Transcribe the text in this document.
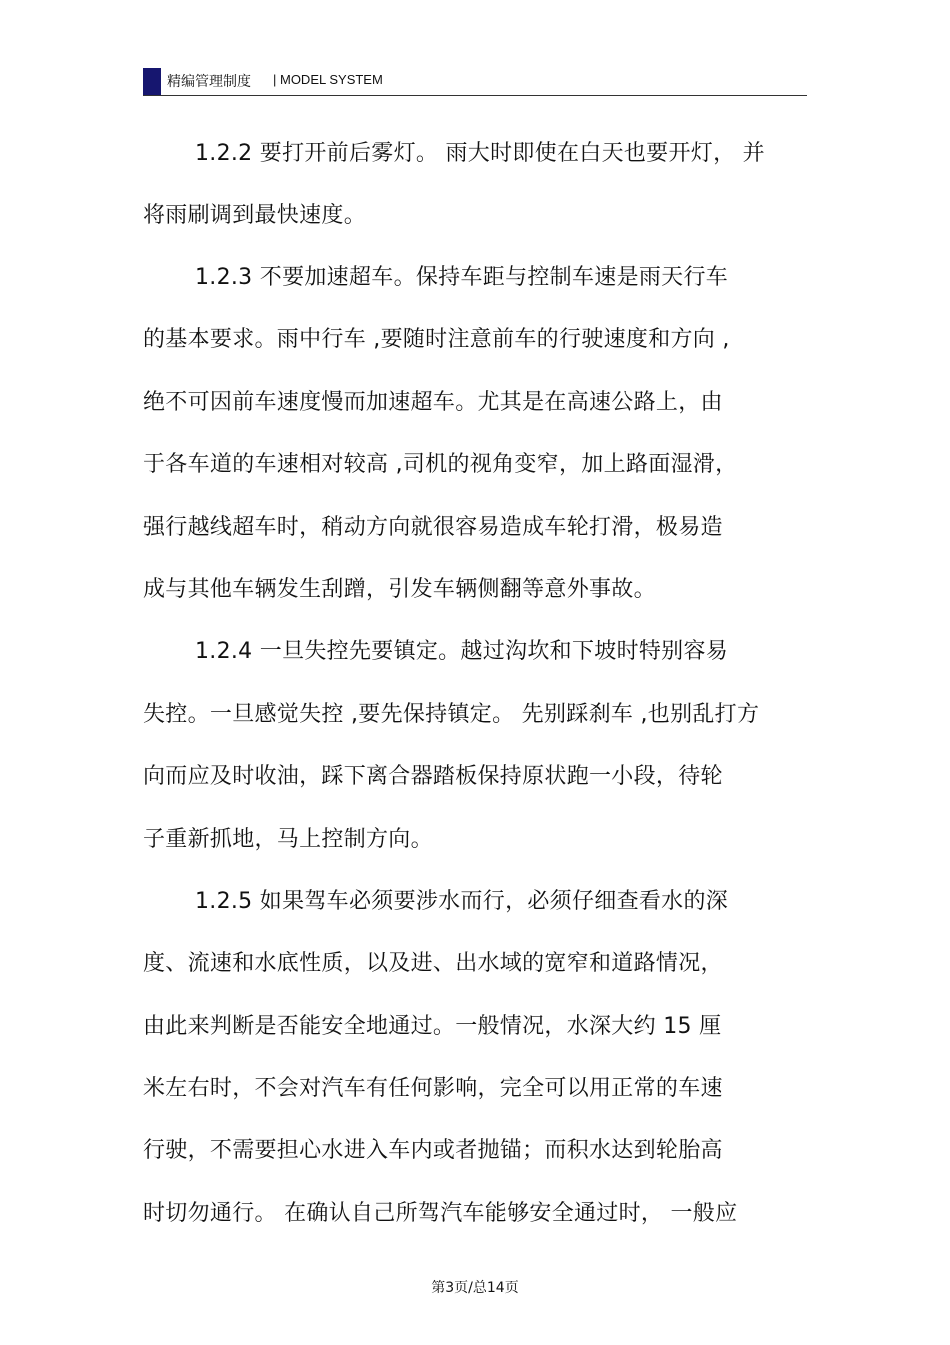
精编管理制度 | MODEL SYSTEM
1.2.2 要打开前后雾灯。 雨大时即使在白天也要开灯， 并
将雨刷调到最快速度。
1.2.3 不要加速超车。保持车距与控制车速是雨天行车
的基本要求。雨中行车 ,要随时注意前车的行驶速度和方向 ,
绝不可因前车速度慢而加速超车。尤其是在高速公路上，由
于各车道的车速相对较高 ,司机的视角变窄，加上路面湿滑，
强行越线超车时，稍动方向就很容易造成车轮打滑，极易造
成与其他车辆发生刮蹭，引发车辆侧翻等意外事故。
1.2.4 一旦失控先要镇定。越过沟坎和下坡时特别容易
失控。一旦感觉失控 ,要先保持镇定。 先别踩刹车 ,也别乱打方
向而应及时收油，踩下离合器踏板保持原状跑一小段，待轮
子重新抓地，马上控制方向。
1.2.5 如果驾车必须要涉水而行，必须仔细查看水的深
度、流速和水底性质，以及进、出水域的宽窄和道路情况，
由此来判断是否能安全地通过。一般情况，水深大约 15 厘
米左右时，不会对汽车有任何影响，完全可以用正常的车速
行驶，不需要担心水进入车内或者抛锚；而积水达到轮胎高
时切勿通行。 在确认自己所驾汽车能够安全通过时， 一般应
第3页/总14页
